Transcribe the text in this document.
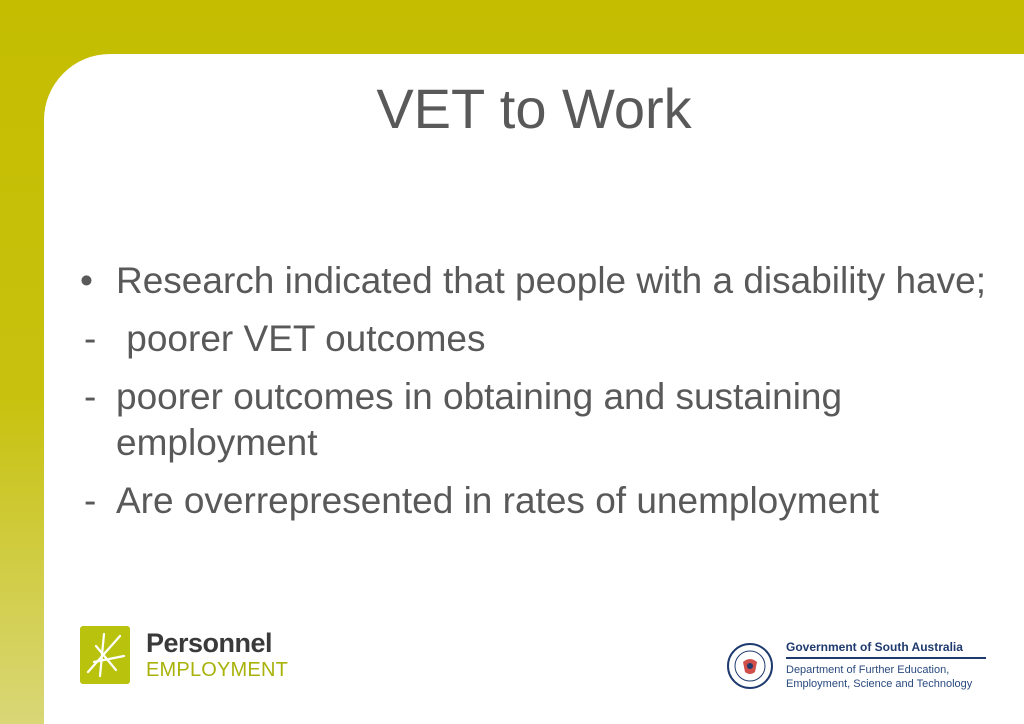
VET to Work
• Research indicated that people with a disability have;
- poorer VET outcomes
- poorer outcomes in obtaining and sustaining employment
- Are overrepresented in rates of unemployment
Personnel
EMPLOYMENT
Government of South Australia
Department of Further Education,
Employment, Science and Technology
